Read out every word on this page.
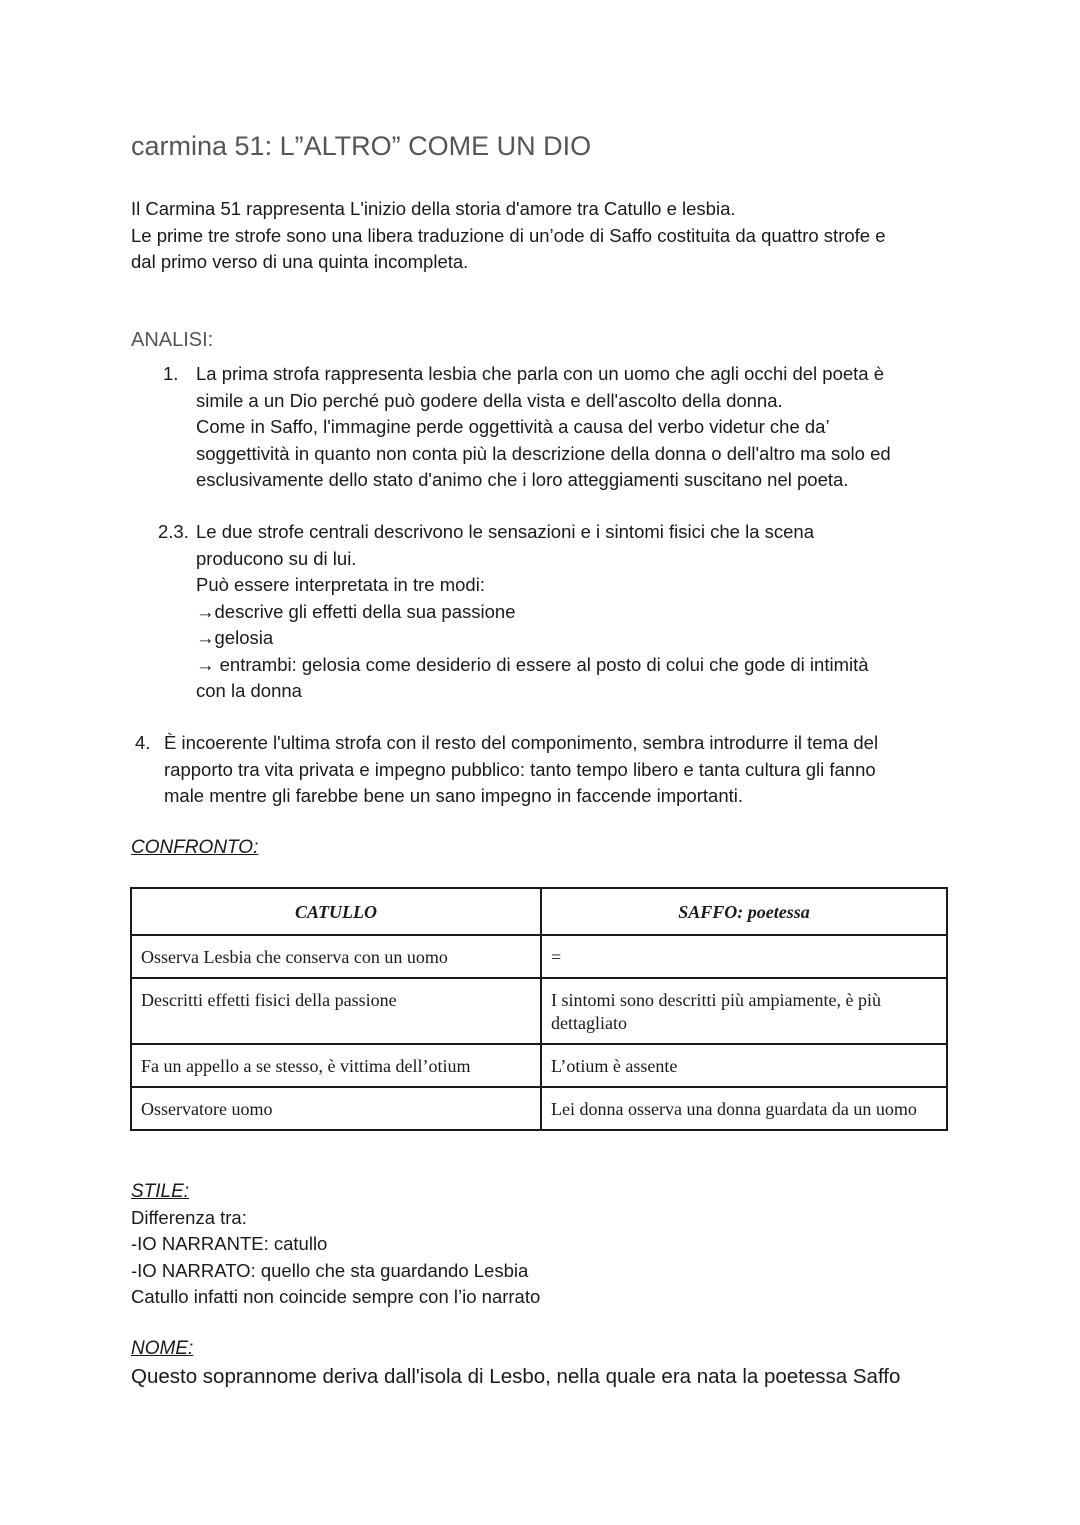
carmina 51: L”ALTRO” COME UN DIO

Il Carmina 51 rappresenta L'inizio della storia d'amore tra Catullo e lesbia.

Le prime tre strofe sono una libera traduzione di un’ode di Saffo costituita da quattro strofe e

dal primo verso di una quinta incompleta.

ANALISI:
1. La prima strofa rappresenta lesbia che parla con un uomo che agli occhi del poeta è
simile a un Dio perché può godere della vista e dell'ascolto della donna.
Come in Saffo, l'immagine perde oggettività a causa del verbo videtur che da’
soggettività in quanto non conta più la descrizione della donna o dell'altro ma solo ed
esclusivamente dello stato d'animo che i loro atteggiamenti suscitano nel poeta.
2.3. Le due strofe centrali descrivono le sensazioni e i sintomi fisici che la scena
producono su di lui.
Può essere interpretata in tre modi:
→descrive gli effetti della sua passione
→gelosia
→ entrambi: gelosia come desiderio di essere al posto di colui che gode di intimità
con la donna
4. È incoerente l'ultima strofa con il resto del componimento, sembra introdurre il tema del
rapporto tra vita privata e impegno pubblico: tanto tempo libero e tanta cultura gli fanno
male mentre gli farebbe bene un sano impegno in faccende importanti.
CONFRONTO:
CATULLO	SAFFO: poetessa
Osserva Lesbia che conserva con un uomo	=
Descritti effetti fisici della passione	I sintomi sono descritti più ampiamente, è più dettagliato
Fa un appello a se stesso, è vittima dell’otium	L’otium è assente
Osservatore uomo	Lei donna osserva una donna guardata da un uomo
STILE:
Differenza tra:
-IO NARRANTE: catullo
-IO NARRATO: quello che sta guardando Lesbia
Catullo infatti non coincide sempre con l’io narrato
NOME:
Questo soprannome deriva dall'isola di Lesbo, nella quale era nata la poetessa Saffo
